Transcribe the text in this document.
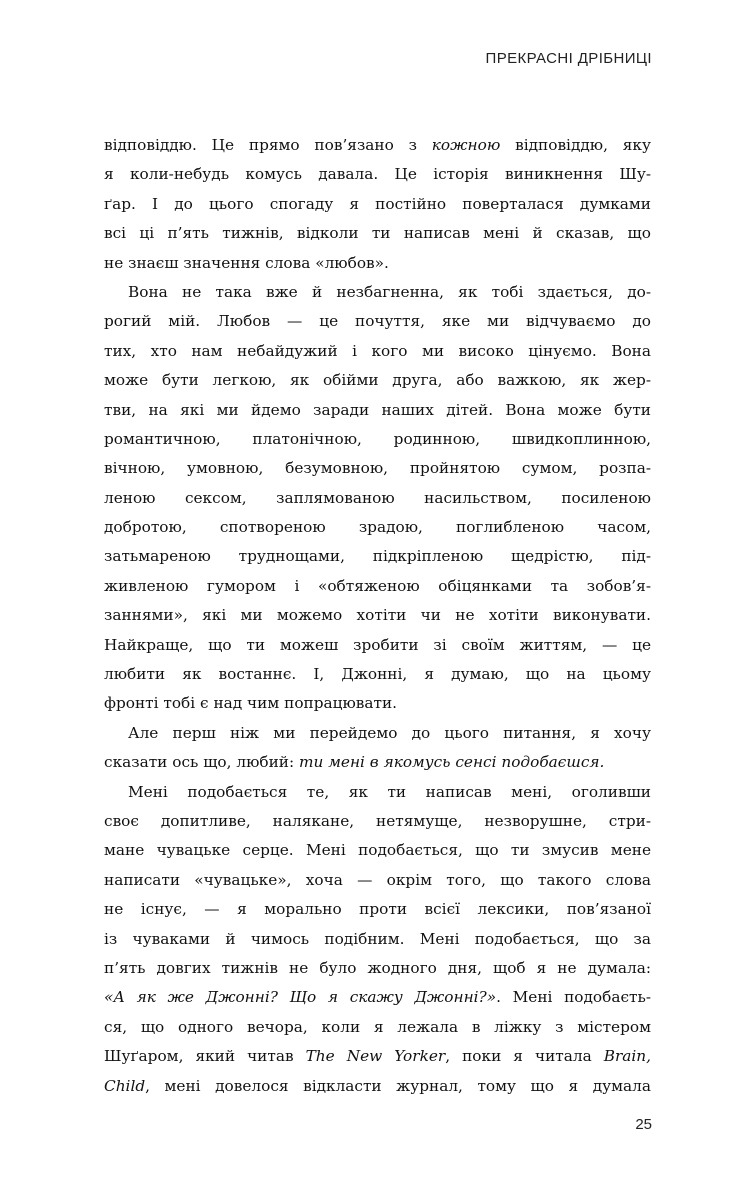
ПРЕКРАСНІ ДРІБНИЦІ
відповіддю. Це прямо пов’язано з кожною відповіддю, яку
я коли-небудь комусь давала. Це історія виникнення Шу-
ґар. І до цього спогаду я постійно поверталася думками
всі ці п’ять тижнів, відколи ти написав мені й сказав, що
не знаєш значення слова «любов».
Вона не така вже й незбагненна, як тобі здається, до-
рогий мій. Любов — це почуття, яке ми відчуваємо до
тих, хто нам небайдужий і кого ми високо цінуємо. Вона
може бути легкою, як обійми друга, або важкою, як жер-
тви, на які ми йдемо заради наших дітей. Вона може бути
романтичною, платонічною, родинною, швидкоплинною,
вічною, умовною, безумовною, пройнятою сумом, розпа-
леною сексом, заплямованою насильством, посиленою
добротою, спотвореною зрадою, поглибленою часом,
затьмареною труднощами, підкріпленою щедрістю, під-
живленою гумором і «обтяженою обіцянками та зобов’я-
заннями», які ми можемо хотіти чи не хотіти виконувати.
Найкраще, що ти можеш зробити зі своїм життям, — це
любити як востаннє. І, Джонні, я думаю, що на цьому
фронті тобі є над чим попрацювати.
Але перш ніж ми перейдемо до цього питання, я хочу
сказати ось що, любий: ти мені в якомусь сенсі подобаєшся.
Мені подобається те, як ти написав мені, оголивши
своє допитливе, налякане, нетямуще, незворушне, стри-
мане чувацьке серце. Мені подобається, що ти змусив мене
написати «чувацьке», хоча — окрім того, що такого слова
не існує, — я морально проти всієї лексики, пов’язаної
із чуваками й чимось подібним. Мені подобається, що за
п’ять довгих тижнів не було жодного дня, щоб я не думала:
«А як же Джонні? Що я скажу Джонні?». Мені подобаєть-
ся, що одного вечора, коли я лежала в ліжку з містером
Шуґаром, який читав The New Yorker, поки я читала Brain,
Child, мені довелося відкласти журнал, тому що я думала
25
